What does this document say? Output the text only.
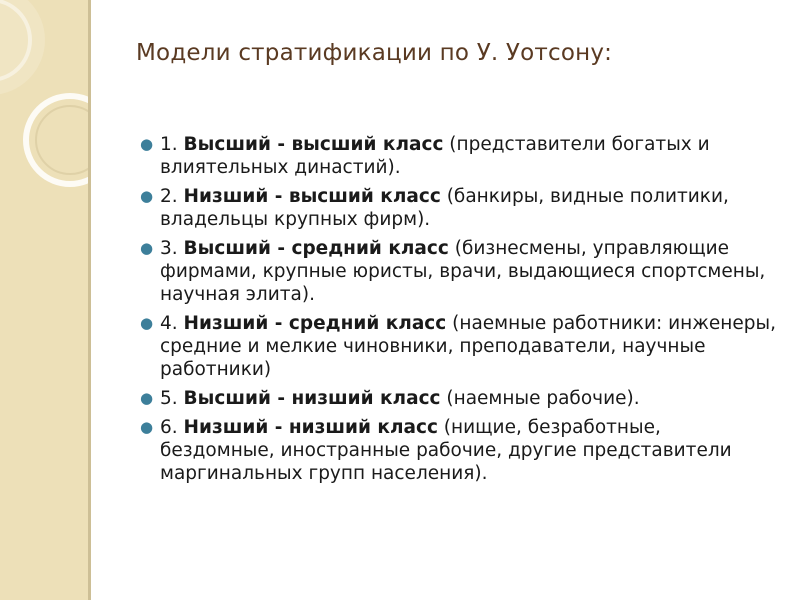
Модели стратификации по У. Уотсону:
● 1. Высший - высший класс (представители богатых и влиятельных династий).
● 2. Низший - высший класс (банкиры, видные политики, владельцы крупных фирм).
● 3. Высший - средний класс (бизнесмены, управляющие фирмами, крупные юристы, врачи, выдающиеся спортсмены, научная элита).
● 4. Низший - средний класс (наемные работники: инженеры, средние и мелкие чиновники, преподаватели, научные работники)
● 5. Высший - низший класс (наемные рабочие).
● 6. Низший - низший класс (нищие, безработные, бездомные, иностранные рабочие, другие представители маргинальных групп населения).
